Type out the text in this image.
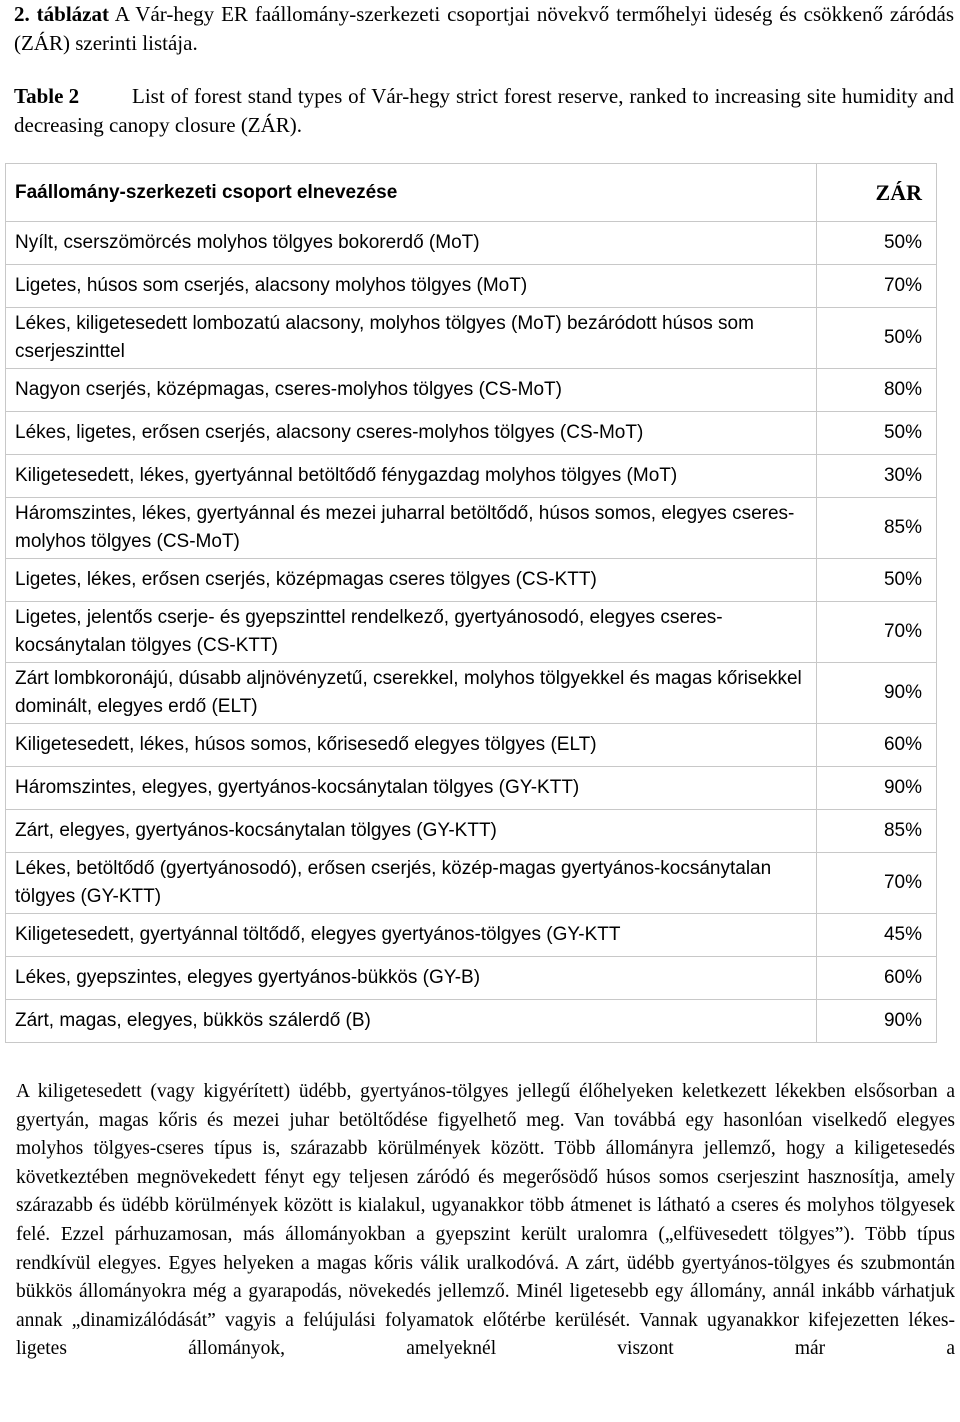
2. táblázat A Vár-hegy ER faállomány-szerkezeti csoportjai növekvő termőhelyi üdeség és csökkenő záródás (ZÁR) szerinti listája.
Table 2	List of forest stand types of Vár-hegy strict forest reserve, ranked to increasing site humidity and decreasing canopy closure (ZÁR).
Faállomány-szerkezeti csoport elnevezése	ZÁR
Nyílt, cserszömörcés molyhos tölgyes bokorerdő (MoT)	50%
Ligetes, húsos som cserjés, alacsony molyhos tölgyes (MoT)	70%
Lékes, kiligetesedett lombozatú alacsony, molyhos tölgyes (MoT) bezáródott húsos som cserjeszinttel	50%
Nagyon cserjés, középmagas, cseres-molyhos tölgyes (CS-MoT)	80%
Lékes, ligetes, erősen cserjés, alacsony cseres-molyhos tölgyes (CS-MoT)	50%
Kiligetesedett, lékes, gyertyánnal betöltődő fénygazdag molyhos tölgyes (MoT)	30%
Háromszintes, lékes, gyertyánnal és mezei juharral betöltődő, húsos somos, elegyes cseres-molyhos tölgyes (CS-MoT)	85%
Ligetes, lékes, erősen cserjés, középmagas cseres tölgyes (CS-KTT)	50%
Ligetes, jelentős cserje- és gyepszinttel rendelkező, gyertyánosodó, elegyes cseres-kocsánytalan tölgyes (CS-KTT)	70%
Zárt lombkoronájú, dúsabb aljnövényzetű, cserekkel, molyhos tölgyekkel és magas kőrisekkel dominált, elegyes erdő (ELT)	90%
Kiligetesedett, lékes, húsos somos, kőrisesedő elegyes tölgyes (ELT)	60%
Háromszintes, elegyes, gyertyános-kocsánytalan tölgyes (GY-KTT)	90%
Zárt, elegyes, gyertyános-kocsánytalan tölgyes (GY-KTT)	85%
Lékes, betöltődő (gyertyánosodó), erősen cserjés, közép-magas gyertyános-kocsánytalan tölgyes (GY-KTT)	70%
Kiligetesedett, gyertyánnal töltődő, elegyes gyertyános-tölgyes (GY-KTT	45%
Lékes, gyepszintes, elegyes gyertyános-bükkös (GY-B)	60%
Zárt, magas, elegyes, bükkös szálerdő (B)	90%
A kiligetesedett (vagy kigyérített) üdébb, gyertyános-tölgyes jellegű élőhelyeken keletkezett lékekben elsősorban a gyertyán, magas kőris és mezei juhar betöltődése figyelhető meg. Van továbbá egy hasonlóan viselkedő elegyes molyhos tölgyes-cseres típus is, szárazabb körülmények között. Több állományra jellemző, hogy a kiligetesedés következtében megnövekedett fényt egy teljesen záródó és megerősödő húsos somos cserjeszint hasznosítja, amely szárazabb és üdébb körülmények között is kialakul, ugyanakkor több átmenet is látható a cseres és molyhos tölgyesek felé. Ezzel párhuzamosan, más állományokban a gyepszint került uralomra („elfüvesedett tölgyes”). Több típus rendkívül elegyes. Egyes helyeken a magas kőris válik uralkodóvá. A zárt, üdébb gyertyános-tölgyes és szubmontán bükkös állományokra még a gyarapodás, növekedés jellemző. Minél ligetesebb egy állomány, annál inkább várhatjuk annak „dinamizálódását” vagyis a felújulási folyamatok előtérbe kerülését. Vannak ugyanakkor kifejezetten lékes-ligetes állományok, amelyeknél viszont már a
